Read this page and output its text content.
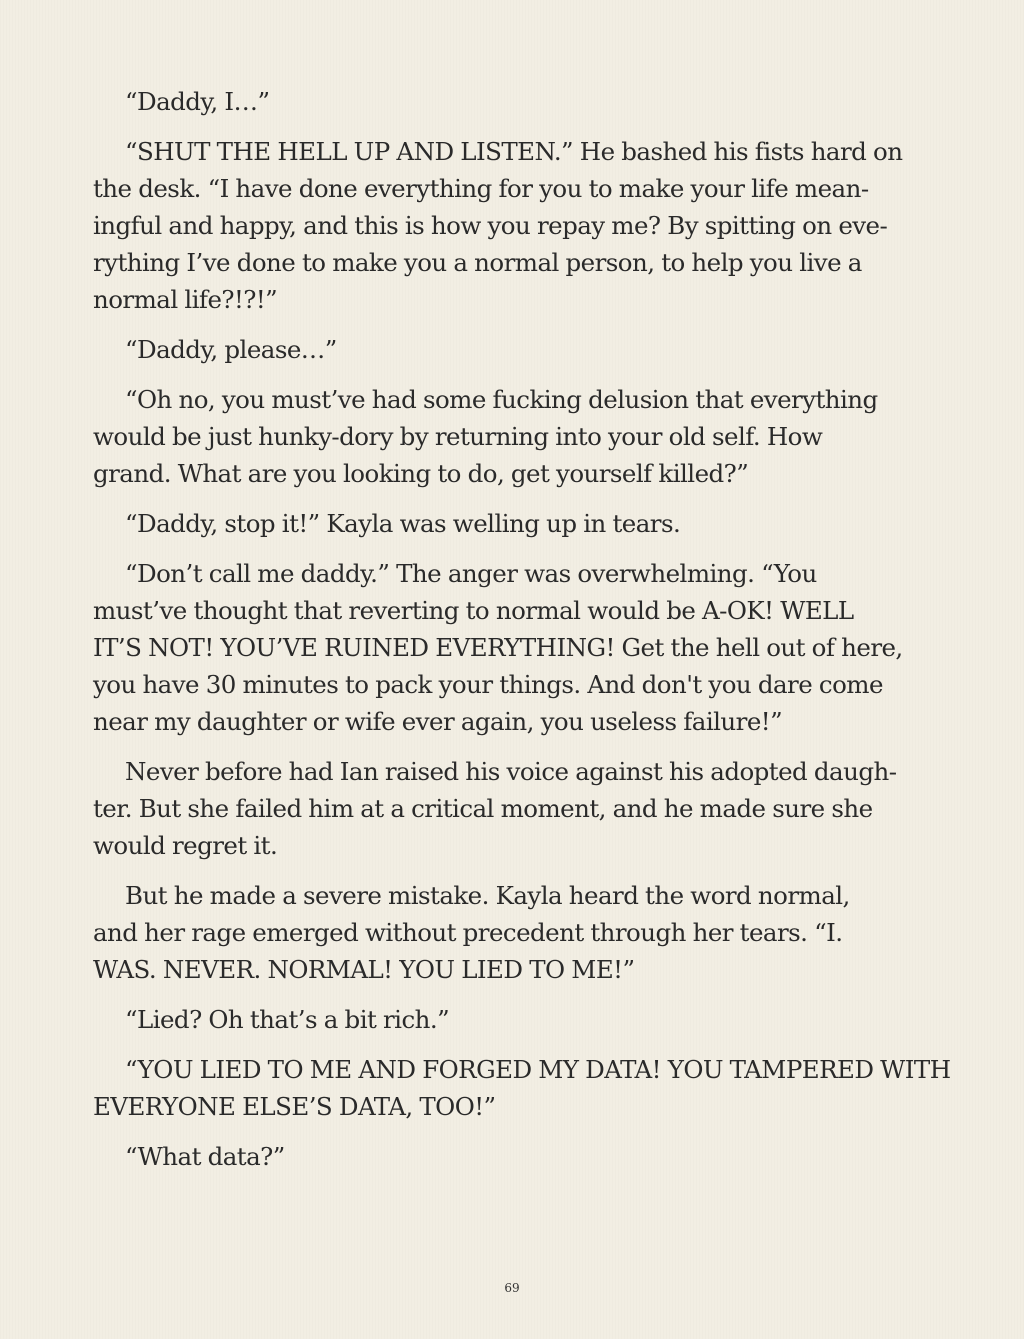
“Daddy, I…”

“SHUT THE HELL UP AND LISTEN.” He bashed his fists hard on
the desk. “I have done everything for you to make your life mean-
ingful and happy, and this is how you repay me? By spitting on eve-
rything I’ve done to make you a normal person, to help you live a
normal life?!?!”

“Daddy, please…”

“Oh no, you must’ve had some fucking delusion that everything
would be just hunky-dory by returning into your old self. How
grand. What are you looking to do, get yourself killed?”

“Daddy, stop it!” Kayla was welling up in tears.

“Don’t call me daddy.” The anger was overwhelming. “You
must’ve thought that reverting to normal would be A-OK! WELL
IT’S NOT! YOU’VE RUINED EVERYTHING! Get the hell out of here,
you have 30 minutes to pack your things. And don't you dare come
near my daughter or wife ever again, you useless failure!”

Never before had Ian raised his voice against his adopted daugh-
ter. But she failed him at a critical moment, and he made sure she
would regret it.

But he made a severe mistake. Kayla heard the word normal,
and her rage emerged without precedent through her tears. “I.
WAS. NEVER. NORMAL! YOU LIED TO ME!”

“Lied? Oh that’s a bit rich.”

“YOU LIED TO ME AND FORGED MY DATA! YOU TAMPERED WITH
EVERYONE ELSE’S DATA, TOO!”

“What data?”

69
